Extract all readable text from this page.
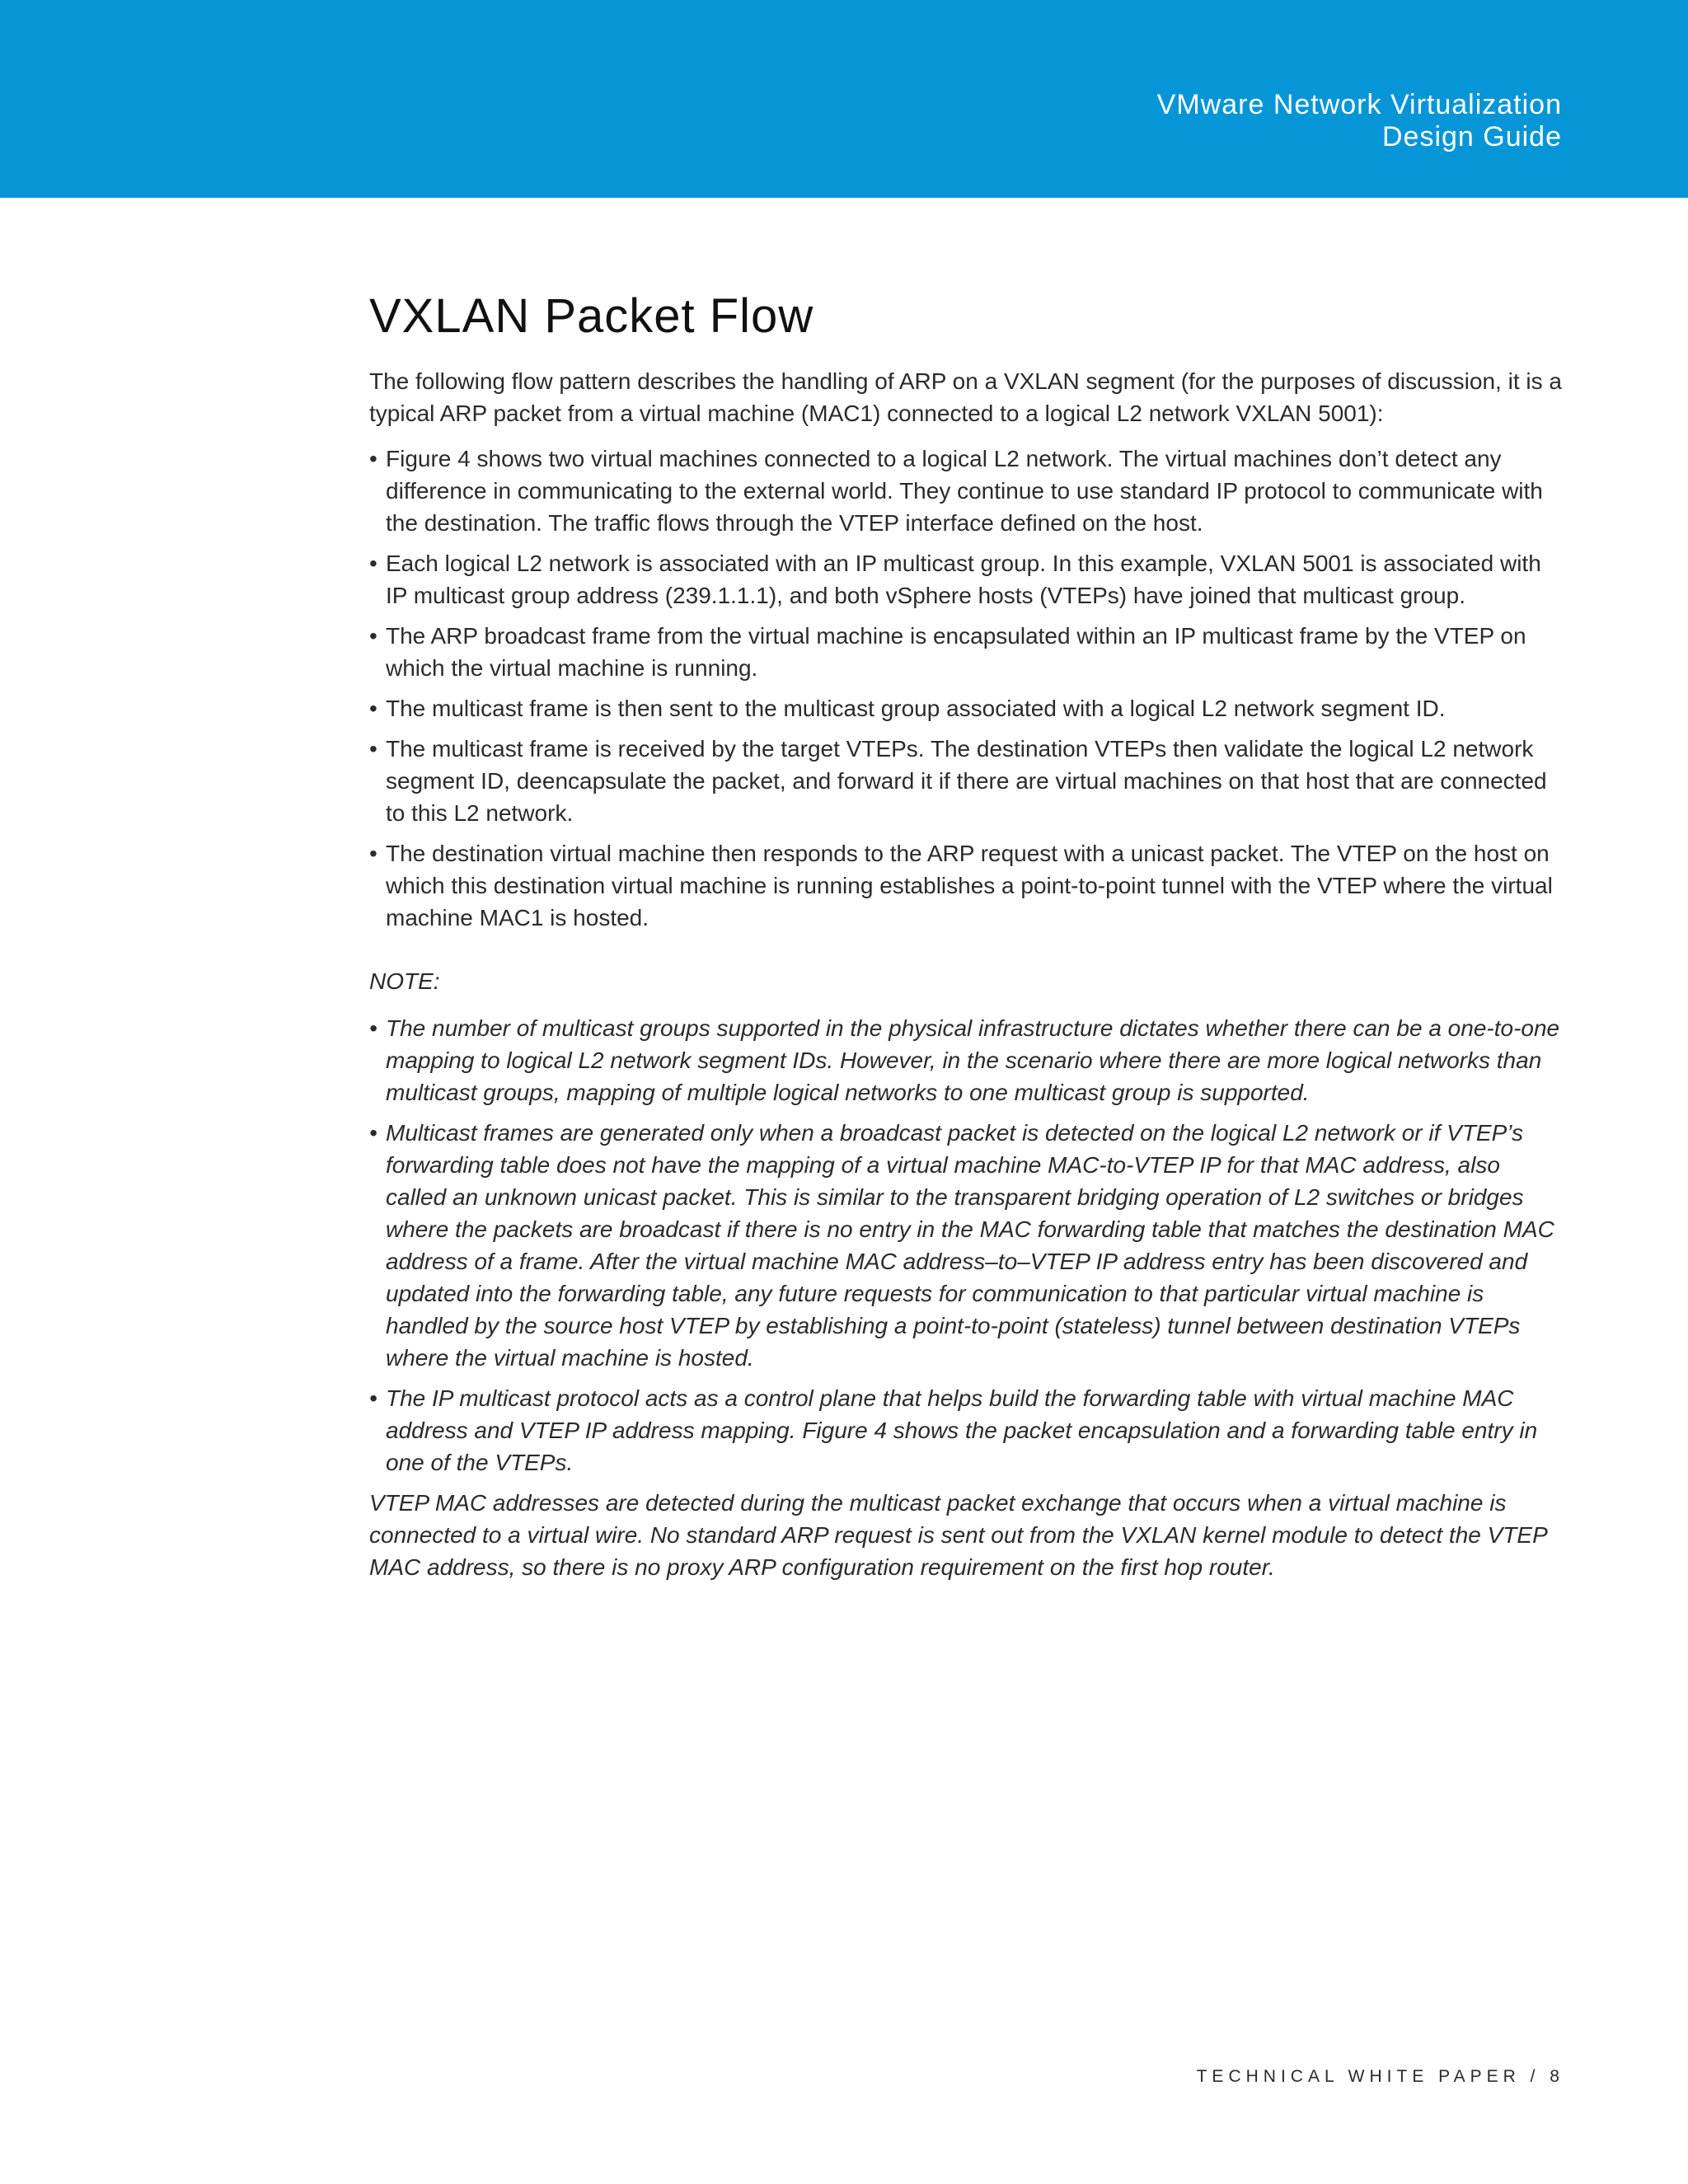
VMware Network Virtualization
Design Guide
VXLAN Packet Flow

The following flow pattern describes the handling of ARP on a VXLAN segment (for the purposes of discussion, it is a typical ARP packet from a virtual machine (MAC1) connected to a logical L2 network VXLAN 5001):

• Figure 4 shows two virtual machines connected to a logical L2 network. The virtual machines don’t detect any difference in communicating to the external world. They continue to use standard IP protocol to communicate with the destination. The traffic flows through the VTEP interface defined on the host.
• Each logical L2 network is associated with an IP multicast group. In this example, VXLAN 5001 is associated with IP multicast group address (239.1.1.1), and both vSphere hosts (VTEPs) have joined that multicast group.
• The ARP broadcast frame from the virtual machine is encapsulated within an IP multicast frame by the VTEP on which the virtual machine is running.
• The multicast frame is then sent to the multicast group associated with a logical L2 network segment ID.
• The multicast frame is received by the target VTEPs. The destination VTEPs then validate the logical L2 network segment ID, deencapsulate the packet, and forward it if there are virtual machines on that host that are connected to this L2 network.
• The destination virtual machine then responds to the ARP request with a unicast packet. The VTEP on the host on which this destination virtual machine is running establishes a point-to-point tunnel with the VTEP where the virtual machine MAC1 is hosted.
NOTE:
• The number of multicast groups supported in the physical infrastructure dictates whether there can be a one-to-one mapping to logical L2 network segment IDs. However, in the scenario where there are more logical networks than multicast groups, mapping of multiple logical networks to one multicast group is supported.
• Multicast frames are generated only when a broadcast packet is detected on the logical L2 network or if VTEP’s forwarding table does not have the mapping of a virtual machine MAC-to-VTEP IP for that MAC address, also called an unknown unicast packet. This is similar to the transparent bridging operation of L2 switches or bridges where the packets are broadcast if there is no entry in the MAC forwarding table that matches the destination MAC address of a frame. After the virtual machine MAC address–to–VTEP IP address entry has been discovered and updated into the forwarding table, any future requests for communication to that particular virtual machine is handled by the source host VTEP by establishing a point-to-point (stateless) tunnel between destination VTEPs where the virtual machine is hosted.
• The IP multicast protocol acts as a control plane that helps build the forwarding table with virtual machine MAC address and VTEP IP address mapping. Figure 4 shows the packet encapsulation and a forwarding table entry in one of the VTEPs.

VTEP MAC addresses are detected during the multicast packet exchange that occurs when a virtual machine is connected to a virtual wire. No standard ARP request is sent out from the VXLAN kernel module to detect the VTEP MAC address, so there is no proxy ARP configuration requirement on the first hop router.

TECHNICAL WHITE PAPER / 8
